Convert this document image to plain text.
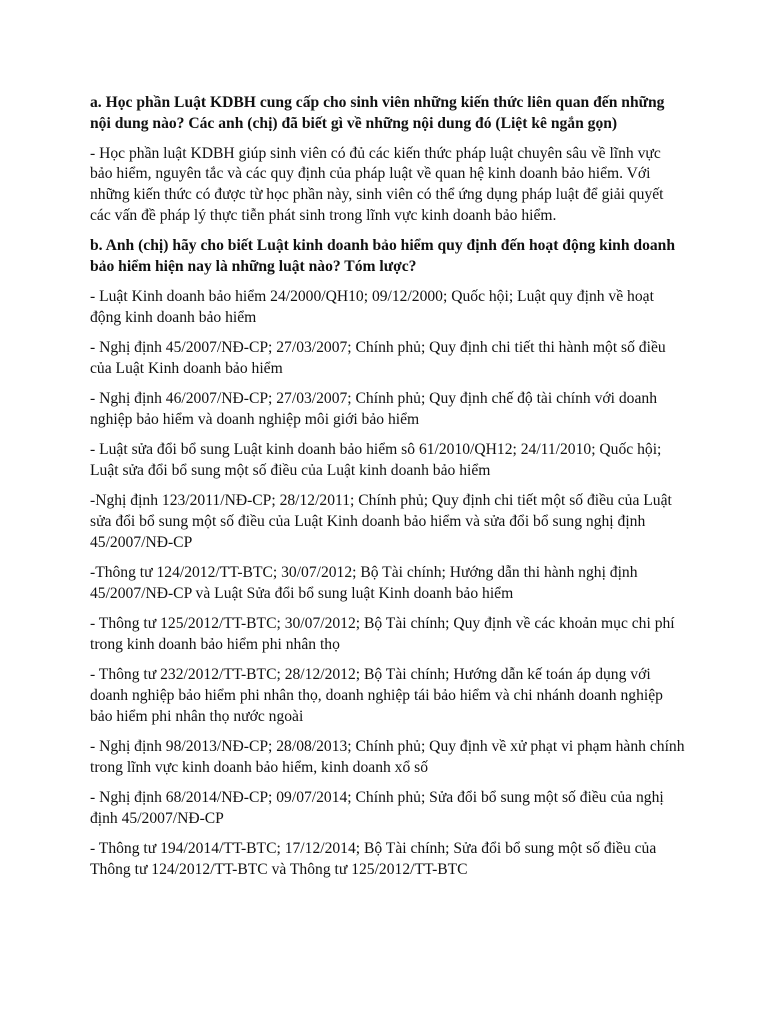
a. Học phần Luật KDBH cung cấp cho sinh viên những kiến thức liên quan đến những nội dung nào? Các anh (chị) đã biết gì về những nội dung đó (Liệt kê ngắn gọn)

- Học phần luật KDBH giúp sinh viên có đủ các kiến thức pháp luật chuyên sâu về lĩnh vực bảo hiểm, nguyên tắc và các quy định của pháp luật về quan hệ kinh doanh bảo hiểm. Với những kiến thức có được từ học phần này, sinh viên có thể ứng dụng pháp luật để giải quyết các vấn đề pháp lý thực tiễn phát sinh trong lĩnh vực kinh doanh bảo hiểm.

b. Anh (chị) hãy cho biết Luật kinh doanh bảo hiểm quy định đến hoạt động kinh doanh bảo hiểm hiện nay là những luật nào? Tóm lược?

- Luật Kinh doanh bảo hiểm 24/2000/QH10; 09/12/2000; Quốc hội; Luật quy định về hoạt động kinh doanh bảo hiểm

- Nghị định 45/2007/NĐ-CP; 27/03/2007; Chính phủ; Quy định chi tiết thi hành một số điều của Luật Kinh doanh bảo hiểm

- Nghị định 46/2007/NĐ-CP; 27/03/2007; Chính phủ; Quy định chế độ tài chính với doanh nghiệp bảo hiểm và doanh nghiệp môi giới bảo hiểm

- Luật sửa đổi bổ sung Luật kinh doanh bảo hiểm sô 61/2010/QH12; 24/11/2010; Quốc hội; Luật sửa đổi bổ sung một số điều của Luật kinh doanh bảo hiểm

-Nghị định 123/2011/NĐ-CP; 28/12/2011; Chính phủ; Quy định chi tiết một số điều của Luật sửa đổi bổ sung một số điều của Luật Kinh doanh bảo hiểm và sửa đổi bổ sung nghị định 45/2007/NĐ-CP

-Thông tư 124/2012/TT-BTC; 30/07/2012; Bộ Tài chính; Hướng dẫn thi hành nghị định 45/2007/NĐ-CP và Luật Sửa đổi bổ sung luật Kinh doanh bảo hiểm

- Thông tư 125/2012/TT-BTC; 30/07/2012; Bộ Tài chính; Quy định về các khoản mục chi phí trong kinh doanh bảo hiểm phi nhân thọ

- Thông tư 232/2012/TT-BTC; 28/12/2012; Bộ Tài chính; Hướng dẫn kế toán áp dụng với doanh nghiệp bảo hiểm phi nhân thọ, doanh nghiệp tái bảo hiểm và chi nhánh doanh nghiệp bảo hiểm phi nhân thọ nước ngoài

- Nghị định 98/2013/NĐ-CP; 28/08/2013; Chính phủ; Quy định về xử phạt vi phạm hành chính trong lĩnh vực kinh doanh bảo hiểm, kinh doanh xổ số

- Nghị định 68/2014/NĐ-CP; 09/07/2014; Chính phủ; Sửa đổi bổ sung một số điều của nghị định 45/2007/NĐ-CP

- Thông tư 194/2014/TT-BTC; 17/12/2014; Bộ Tài chính; Sửa đổi bổ sung một số điều của Thông tư 124/2012/TT-BTC và Thông tư 125/2012/TT-BTC
